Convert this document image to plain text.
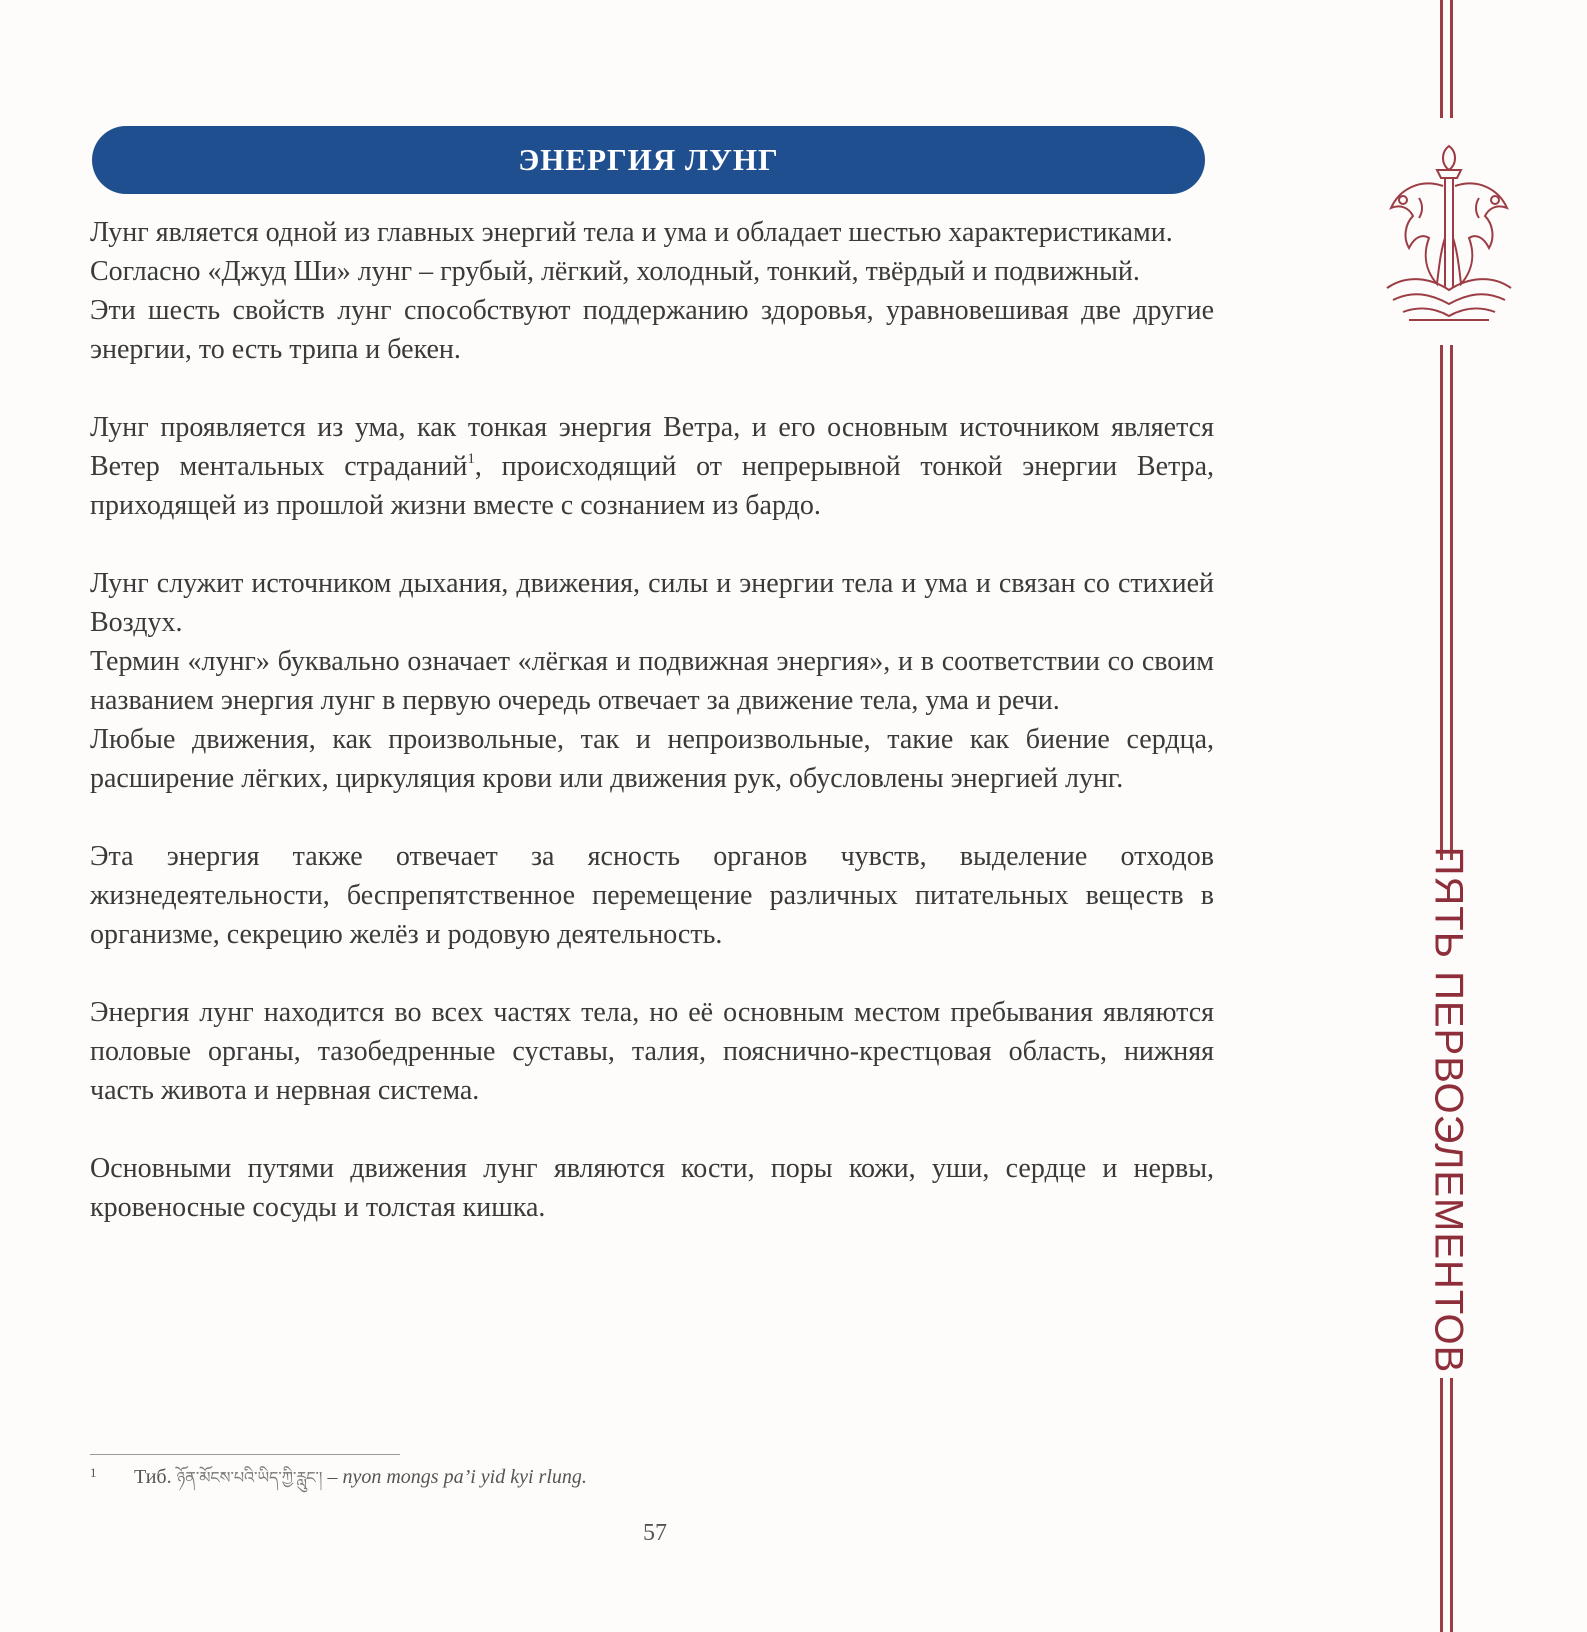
ЭНЕРГИЯ ЛУНГ

Лунг является одной из главных энергий тела и ума и обладает шестью характеристиками.

Согласно «Джуд Ши» лунг – грубый, лёгкий, холодный, тонкий, твёрдый и подвижный.

Эти шесть свойств лунг способствуют поддержанию здоровья, уравновешивая две другие энергии, то есть трипа и бекен.

Лунг проявляется из ума, как тонкая энергия Ветра, и его основным источником является Ветер ментальных страданий$^1$, происходящий от непрерывной тонкой энергии Ветра, приходящей из прошлой жизни вместе с сознанием из бардо.

Лунг служит источником дыхания, движения, силы и энергии тела и ума и связан со стихией Воздух.

Термин «лунг» буквально означает «лёгкая и подвижная энергия», и в соответствии со своим названием энергия лунг в первую очередь отвечает за движение тела, ума и речи.

Любые движения, как произвольные, так и непроизвольные, такие как биение сердца, расширение лёгких, циркуляция крови или движения рук, обусловлены энергией лунг.

Эта энергия также отвечает за ясность органов чувств, выделение отходов жизнедеятельности, беспрепятственное перемещение различных питательных веществ в организме, секрецию желёз и родовую деятельность.

Энергия лунг находится во всех частях тела, но её основным местом пребывания являются половые органы, тазобедренные суставы, талия, пояснично-крестцовая область, нижняя часть живота и нервная система.

Основными путями движения лунг являются кости, поры кожи, уши, сердце и нервы, кровеносные сосуды и толстая кишка.

1 Тиб. ཉོན་མོངས་པའི་ཡིད་ཀྱི་རླུང་། – nyon mongs pa’i yid kyi rlung.
57
ПЯТЬ ПЕРВОЭЛЕМЕНТОВ
